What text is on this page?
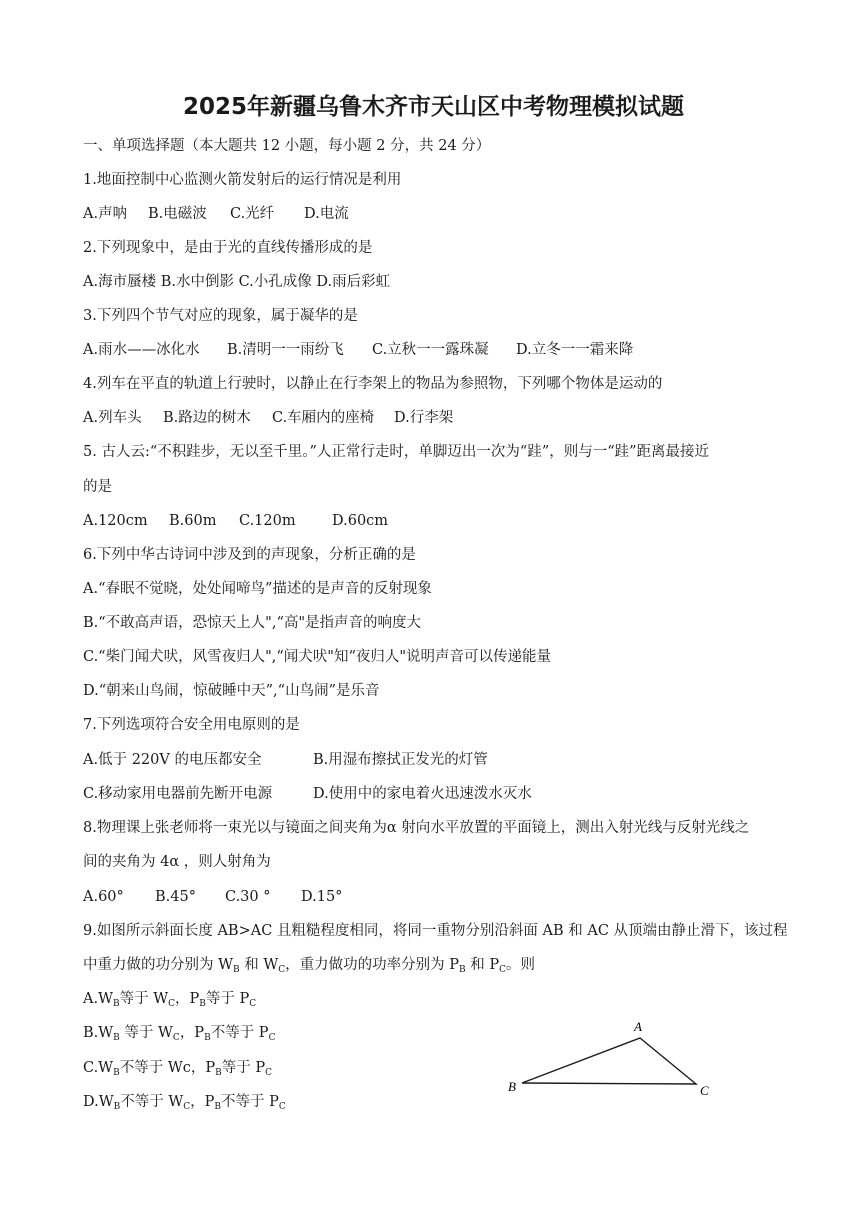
2025年新疆乌鲁木齐市天山区中考物理模拟试题
一、单项选择题（本大题共 12 小题，每小题 2 分，共 24 分）
1.地面控制中心监测火箭发射后的运行情况是利用
A.声呐 B.电磁波 C.光纤 D.电流
2.下列现象中，是由于光的直线传播形成的是
A.海市蜃楼 B.水中倒影 C.小孔成像 D.雨后彩虹
3.下列四个节气对应的现象，属于凝华的是
A.雨水——冰化水 B.清明一一雨纷飞 C.立秋一一露珠凝 D.立冬一一霜来降
4.列车在平直的轨道上行驶时，以静止在行李架上的物品为参照物，下列哪个物体是运动的
A.列车头 B.路边的树木 C.车厢内的座椅 D.行李架
5. 古人云:“不积跬步，无以至千里。”人正常行走时，单脚迈出一次为“跬”，则与一“跬”距离最接近
的是
A.120cm B.60m C.120m	D.60cm
6.下列中华古诗词中涉及到的声现象，分析正确的是
A.“春眠不觉晓，处处闻啼鸟”描述的是声音的反射现象
B.“不敢高声语，恐惊天上人",“高"是指声音的响度大
C.“柴门闻犬吠，风雪夜归人",“闻犬吠"知“夜归人"说明声音可以传递能量
D.“朝来山鸟闹，惊破睡中天”,“山鸟闹”是乐音
7.下列选项符合安全用电原则的是
A.低于 220V 的电压都安全	B.用湿布擦拭正发光的灯管
C.移动家用电器前先断开电源	D.使用中的家电着火迅速泼水灭水
8.物理课上张老师将一束光以与镜面之间夹角为α 射向水平放置的平面镜上，测出入射光线与反射光线之
间的夹角为 4α ，则人射角为
A.60° B.45° C.30 ° D.15°
9.如图所示斜面长度 AB>AC 且粗糙程度相同，将同一重物分别沿斜面 AB 和 AC 从顶端由静止滑下，该过程
中重力做的功分别为 $W_B$ 和 $W_C$，重力做功的功率分别为 $P_B$ 和 $P_C$。则
$A.W_B$等于 $W_C$，$P_B$等于 $P_C$
$B.W_B$ 等于 $W_C$，$P_B$不等于 $P_C$
$C.W_B$不等于 Wc，$P_B$等于 $P_C$
$D.W_B$不等于 $W_C$，$P_B$不等于 $P_C$
A
B	C
